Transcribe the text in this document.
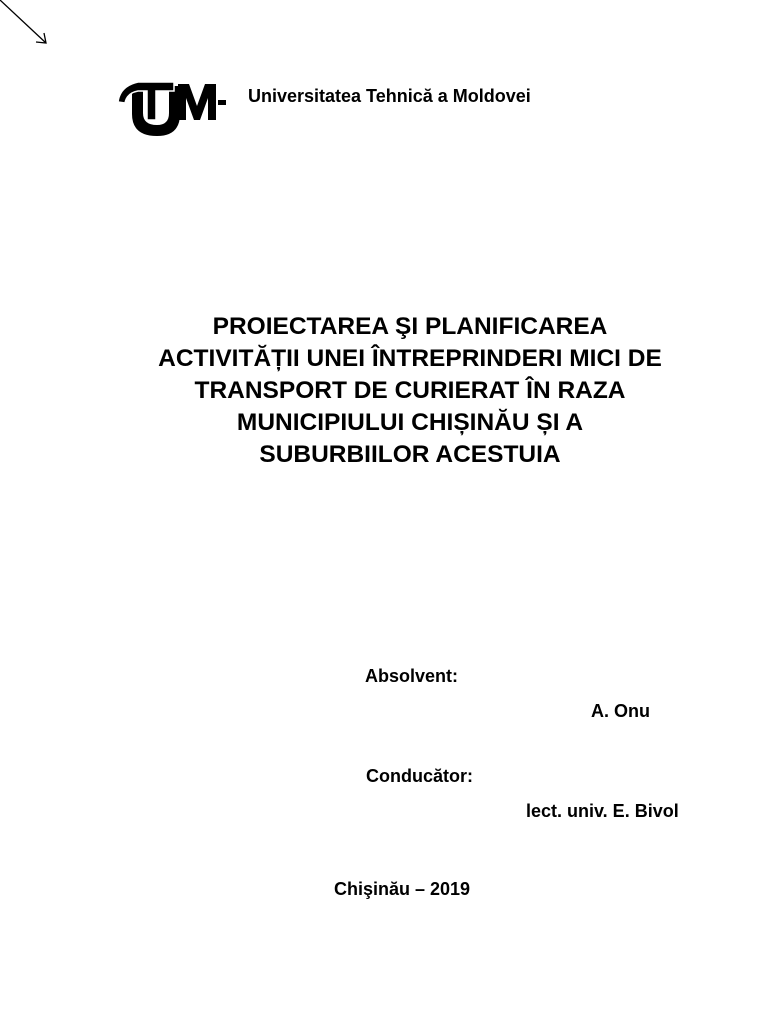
Universitatea Tehnică a Moldovei
PROIECTAREA ŞI PLANIFICAREA
ACTIVITĂȚII UNEI ÎNTREPRINDERI MICI DE
TRANSPORT DE CURIERAT ÎN RAZA
MUNICIPIULUI CHIȘINĂU ȘI A
SUBURBIILOR ACESTUIA
Absolvent:
A. Onu
Conducător:
lect. univ. E. Bivol
Chişinău – 2019
